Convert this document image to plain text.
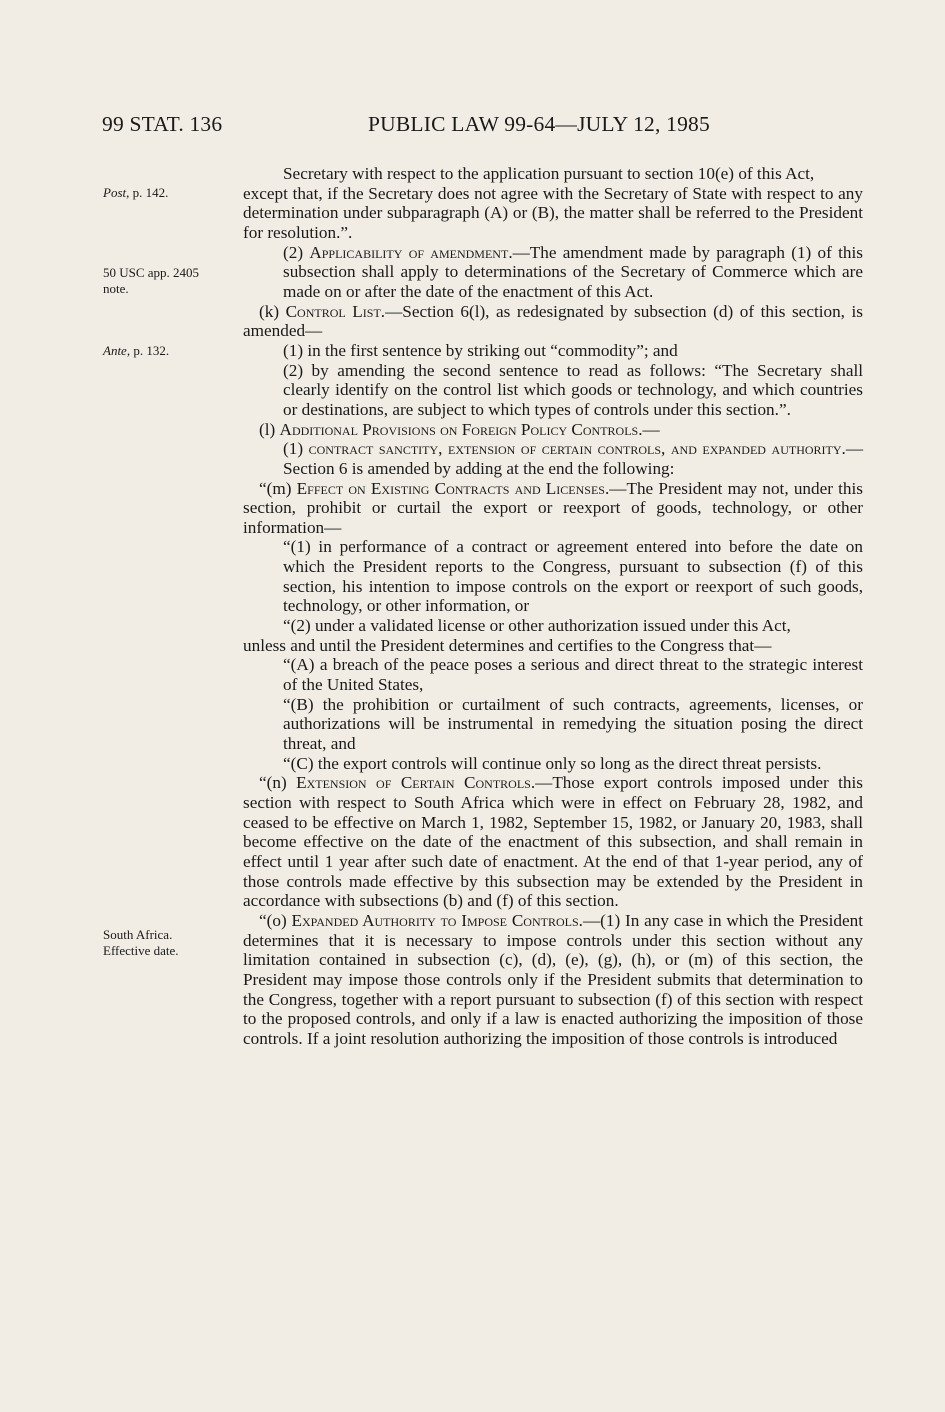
99 STAT. 136	PUBLIC LAW 99-64—JULY 12, 1985
Post, p. 142.
50 USC app. 2405
note.
Ante, p. 132.
South Africa.
Effective date.

Secretary with respect to the application pursuant to section 10(e) of this Act,

except that, if the Secretary does not agree with the Secretary of State with respect to any determination under subparagraph (A) or (B), the matter shall be referred to the President for resolution.”.

(2) Applicability of amendment.—The amendment made by paragraph (1) of this subsection shall apply to determinations of the Secretary of Commerce which are made on or after the date of the enactment of this Act.

(k) Control List.—Section 6(l), as redesignated by subsection (d) of this section, is amended—

(1) in the first sentence by striking out “commodity”; and

(2) by amending the second sentence to read as follows: “The Secretary shall clearly identify on the control list which goods or technology, and which countries or destinations, are subject to which types of controls under this section.”.

(l) Additional Provisions on Foreign Policy Controls.—

(1) contract sanctity, extension of certain controls, and expanded authority.—Section 6 is amended by adding at the end the following:

“(m) Effect on Existing Contracts and Licenses.—The President may not, under this section, prohibit or curtail the export or reexport of goods, technology, or other information—

“(1) in performance of a contract or agreement entered into before the date on which the President reports to the Congress, pursuant to subsection (f) of this section, his intention to impose controls on the export or reexport of such goods, technology, or other information, or

“(2) under a validated license or other authorization issued under this Act,

unless and until the President determines and certifies to the Congress that—

“(A) a breach of the peace poses a serious and direct threat to the strategic interest of the United States,

“(B) the prohibition or curtailment of such contracts, agreements, licenses, or authorizations will be instrumental in remedying the situation posing the direct threat, and

“(C) the export controls will continue only so long as the direct threat persists.

“(n) Extension of Certain Controls.—Those export controls imposed under this section with respect to South Africa which were in effect on February 28, 1982, and ceased to be effective on March 1, 1982, September 15, 1982, or January 20, 1983, shall become effective on the date of the enactment of this subsection, and shall remain in effect until 1 year after such date of enactment. At the end of that 1-year period, any of those controls made effective by this subsection may be extended by the President in accordance with subsections (b) and (f) of this section.

“(o) Expanded Authority to Impose Controls.—(1) In any case in which the President determines that it is necessary to impose controls under this section without any limitation contained in subsection (c), (d), (e), (g), (h), or (m) of this section, the President may impose those controls only if the President submits that determination to the Congress, together with a report pursuant to subsection (f) of this section with respect to the proposed controls, and only if a law is enacted authorizing the imposition of those controls. If a joint resolution authorizing the imposition of those controls is introduced
